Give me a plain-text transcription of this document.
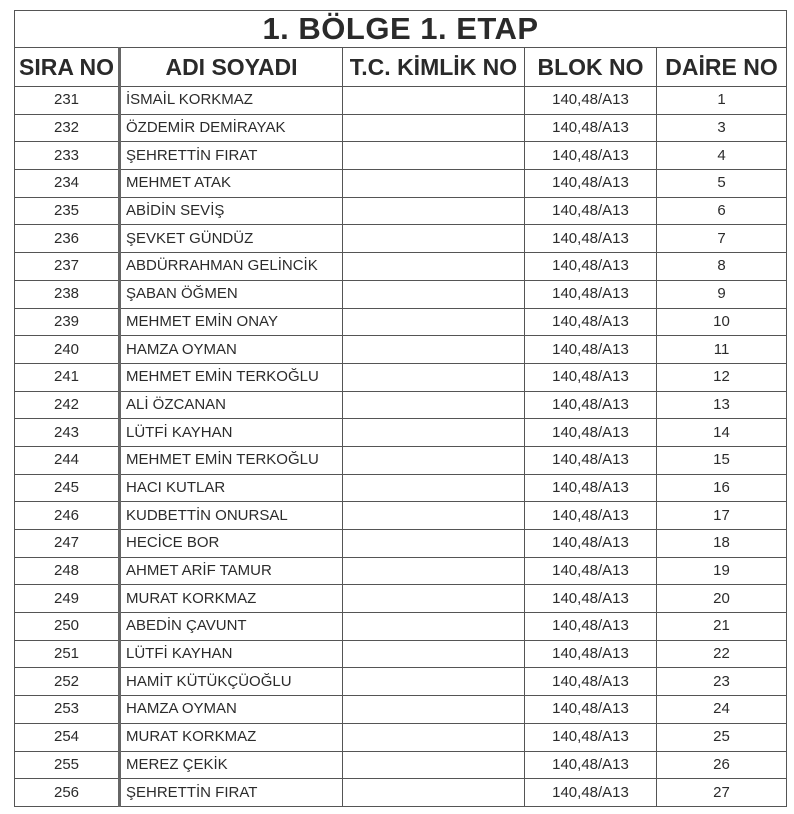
1. BÖLGE 1. ETAP				
SIRA NO	ADI SOYADI	T.C. KİMLİK NO	BLOK NO	DAİRE NO
231	İSMAİL KORKMAZ		140,48/A13	1
232	ÖZDEMİR DEMİRAYAK		140,48/A13	3
233	ŞEHRETTİN FIRAT		140,48/A13	4
234	MEHMET ATAK		140,48/A13	5
235	ABİDİN SEVİŞ		140,48/A13	6
236	ŞEVKET GÜNDÜZ		140,48/A13	7
237	ABDÜRRAHMAN GELİNCİK		140,48/A13	8
238	ŞABAN ÖĞMEN		140,48/A13	9
239	MEHMET EMİN ONAY		140,48/A13	10
240	HAMZA OYMAN		140,48/A13	11
241	MEHMET EMİN TERKOĞLU		140,48/A13	12
242	ALİ ÖZCANAN		140,48/A13	13
243	LÜTFİ KAYHAN		140,48/A13	14
244	MEHMET EMİN TERKOĞLU		140,48/A13	15
245	HACI KUTLAR		140,48/A13	16
246	KUDBETTİN ONURSAL		140,48/A13	17
247	HECİCE BOR		140,48/A13	18
248	AHMET ARİF TAMUR		140,48/A13	19
249	MURAT KORKMAZ		140,48/A13	20
250	ABEDİN ÇAVUNT		140,48/A13	21
251	LÜTFİ KAYHAN		140,48/A13	22
252	HAMİT KÜTÜKÇÜOĞLU		140,48/A13	23
253	HAMZA OYMAN		140,48/A13	24
254	MURAT KORKMAZ		140,48/A13	25
255	MEREZ ÇEKİK		140,48/A13	26
256	ŞEHRETTİN FIRAT		140,48/A13	27
